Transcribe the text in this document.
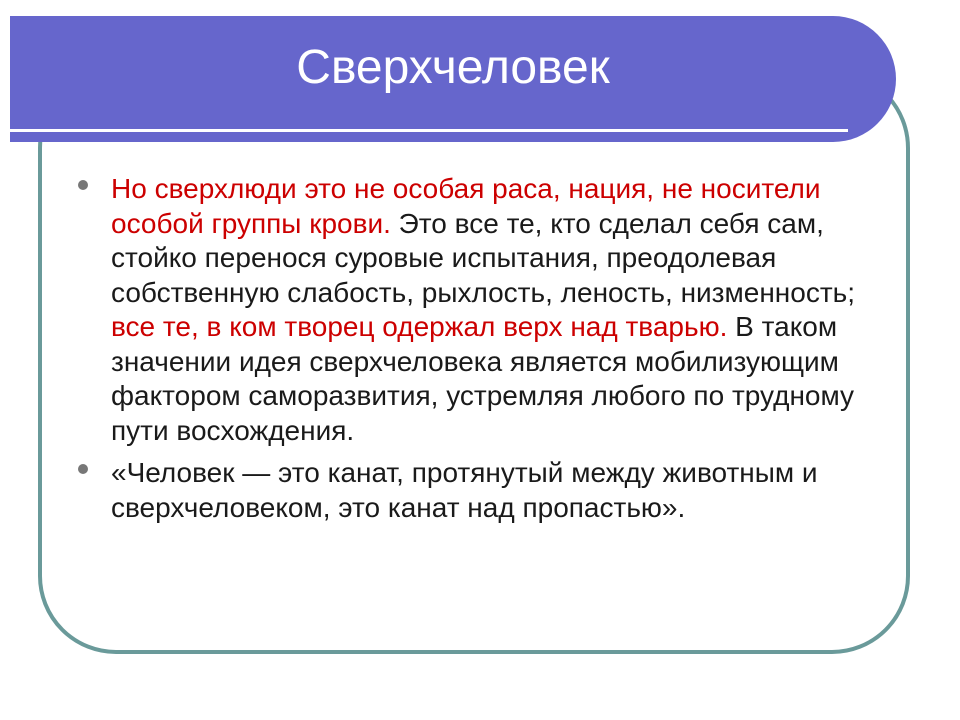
Сверхчеловек
Но сверхлюди это не особая раса, нация, не носители особой группы крови. Это все те, кто сделал себя сам, стойко перенося суровые испытания, преодолевая собственную слабость, рыхлость, леность, низменность; все те, в ком творец одержал верх над тварью. В таком значении идея сверхчеловека является мобилизующим фактором саморазвития, устремляя любого по трудному пути восхождения.
«Человек — это канат, протянутый между животным и сверхчеловеком, это канат над пропастью».
